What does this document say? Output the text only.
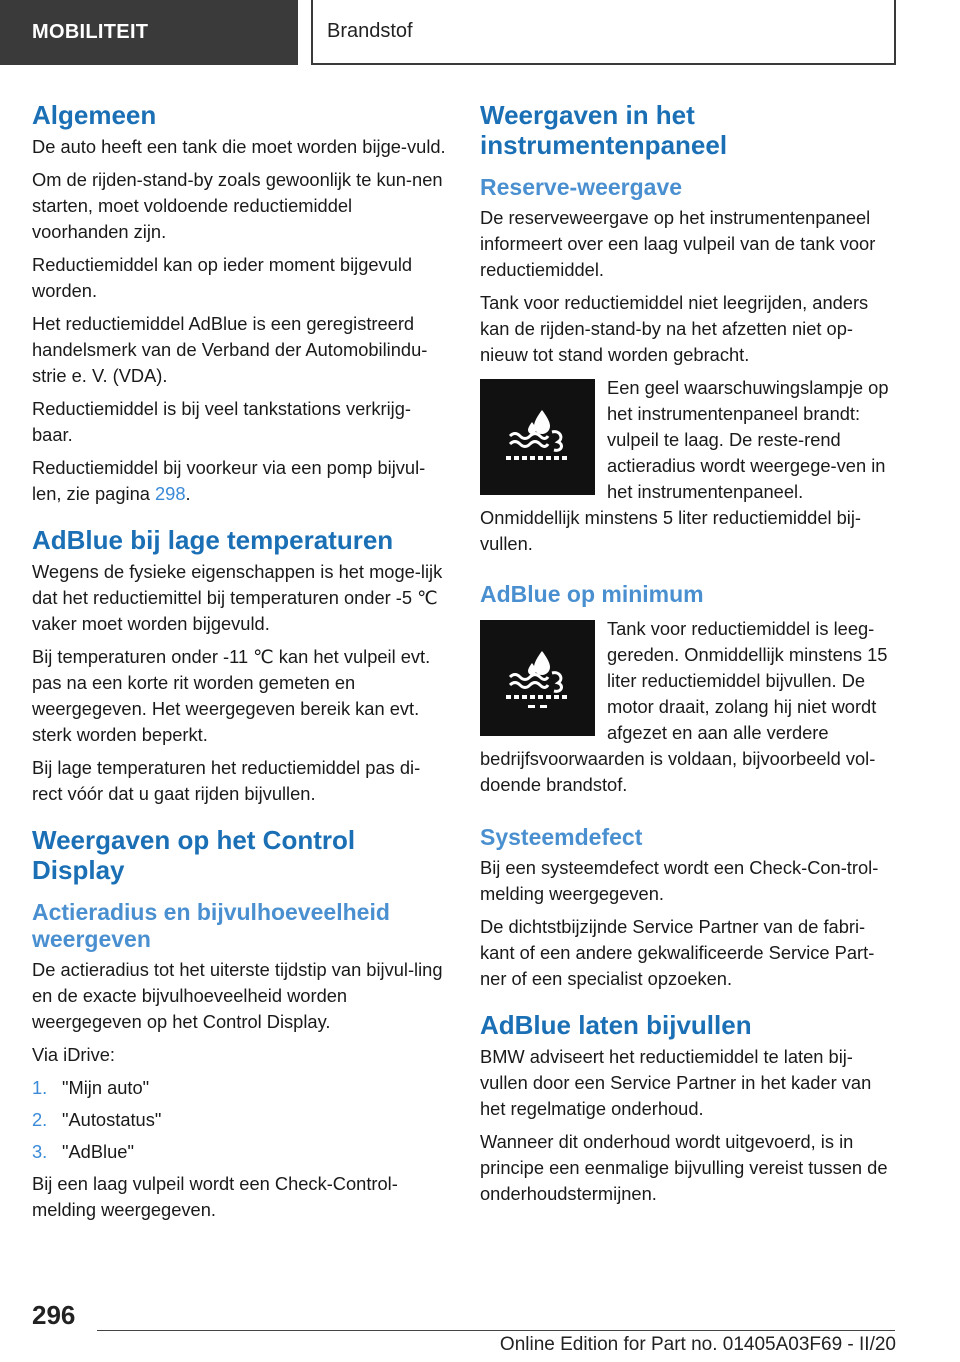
MOBILITEIT	Brandstof
Algemeen

De auto heeft een tank die moet worden bijge-vuld.

Om de rijden-stand-by zoals gewoonlijk te kun-nen starten, moet voldoende reductiemiddel voorhanden zijn.

Reductiemiddel kan op ieder moment bijgevuld worden.

Het reductiemiddel AdBlue is een geregistreerd handelsmerk van de Verband der Automobilindu-strie e. V. (VDA).

Reductiemiddel is bij veel tankstations verkrijg-baar.

Reductiemiddel bij voorkeur via een pomp bijvul-len, zie pagina 298.

AdBlue bij lage temperaturen

Wegens de fysieke eigenschappen is het moge-lijk dat het reductiemittel bij temperaturen onder -5 ℃ vaker moet worden bijgevuld.

Bij temperaturen onder -11 ℃ kan het vulpeil evt. pas na een korte rit worden gemeten en weergegeven. Het weergegeven bereik kan evt. sterk worden beperkt.

Bij lage temperaturen het reductiemiddel pas di-rect vóór dat u gaat rijden bijvullen.

Weergaven op het Control Display
Actieradius en bijvulhoeveelheid weergeven

De actieradius tot het uiterste tijdstip van bijvul-ling en de exacte bijvulhoeveelheid worden weergegeven op het Control Display.

Via iDrive:

1. "Mijn auto"
2. "Autostatus"
3. "AdBlue"

Bij een laag vulpeil wordt een Check-Control-melding weergegeven.

Weergaven in het instrumentenpaneel
Reserve-weergave

De reserveweergave op het instrumentenpaneel informeert over een laag vulpeil van de tank voor reductiemiddel.

Tank voor reductiemiddel niet leegrijden, anders kan de rijden-stand-by na het afzetten niet op-nieuw tot stand worden gebracht.

Een geel waarschuwingslampje op het instrumentenpaneel brandt: vulpeil te laag. De reste-rend actieradius wordt weergege-ven in het instrumentenpaneel. Onmiddellijk minstens 5 liter reductiemiddel bij-vullen.

AdBlue op minimum

Tank voor reductiemiddel is leeg-gereden. Onmiddellijk minstens 15 liter reductiemiddel bijvullen. De motor draait, zolang hij niet wordt afgezet en aan alle verdere bedrijfsvoorwaarden is voldaan, bijvoorbeeld vol-doende brandstof.

Systeemdefect

Bij een systeemdefect wordt een Check-Con-trol-melding weergegeven.

De dichtstbijzijnde Service Partner van de fabri-kant of een andere gekwalificeerde Service Part-ner of een specialist opzoeken.

AdBlue laten bijvullen

BMW adviseert het reductiemiddel te laten bij-vullen door een Service Partner in het kader van het regelmatige onderhoud.

Wanneer dit onderhoud wordt uitgevoerd, is in principe een eenmalige bijvulling vereist tussen de onderhoudstermijnen.

296
Online Edition for Part no. 01405A03F69 - II/20
